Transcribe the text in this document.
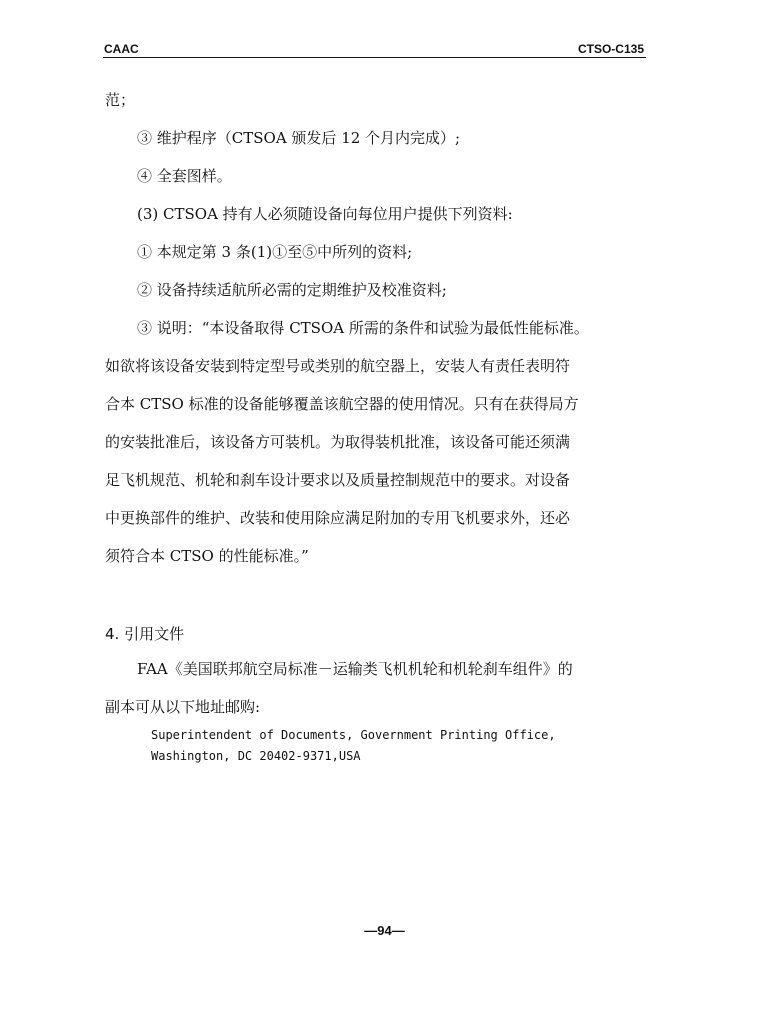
CAAC	CTSO-C135
范；
③ 维护程序（CTSOA 颁发后 12 个月内完成）;
④ 全套图样。
(3) CTSOA 持有人必须随设备向每位用户提供下列资料:
① 本规定第 3 条(1)①至⑤中所列的资料;
② 设备持续适航所必需的定期维护及校准资料;
③ 说明：“本设备取得 CTSOA 所需的条件和试验为最低性能标准。
如欲将该设备安装到特定型号或类别的航空器上，安装人有责任表明符
合本 CTSO 标准的设备能够覆盖该航空器的使用情况。只有在获得局方
的安装批准后，该设备方可装机。为取得装机批准，该设备可能还须满
足飞机规范、机轮和刹车设计要求以及质量控制规范中的要求。对设备
中更换部件的维护、改装和使用除应满足附加的专用飞机要求外，还必
须符合本 CTSO 的性能标准。”
4. 引用文件
FAA《美国联邦航空局标准－运输类飞机机轮和机轮刹车组件》的
副本可从以下地址邮购:
Superintendent of Documents, Government Printing Office,
Washington, DC 20402-9371,USA
—94—
